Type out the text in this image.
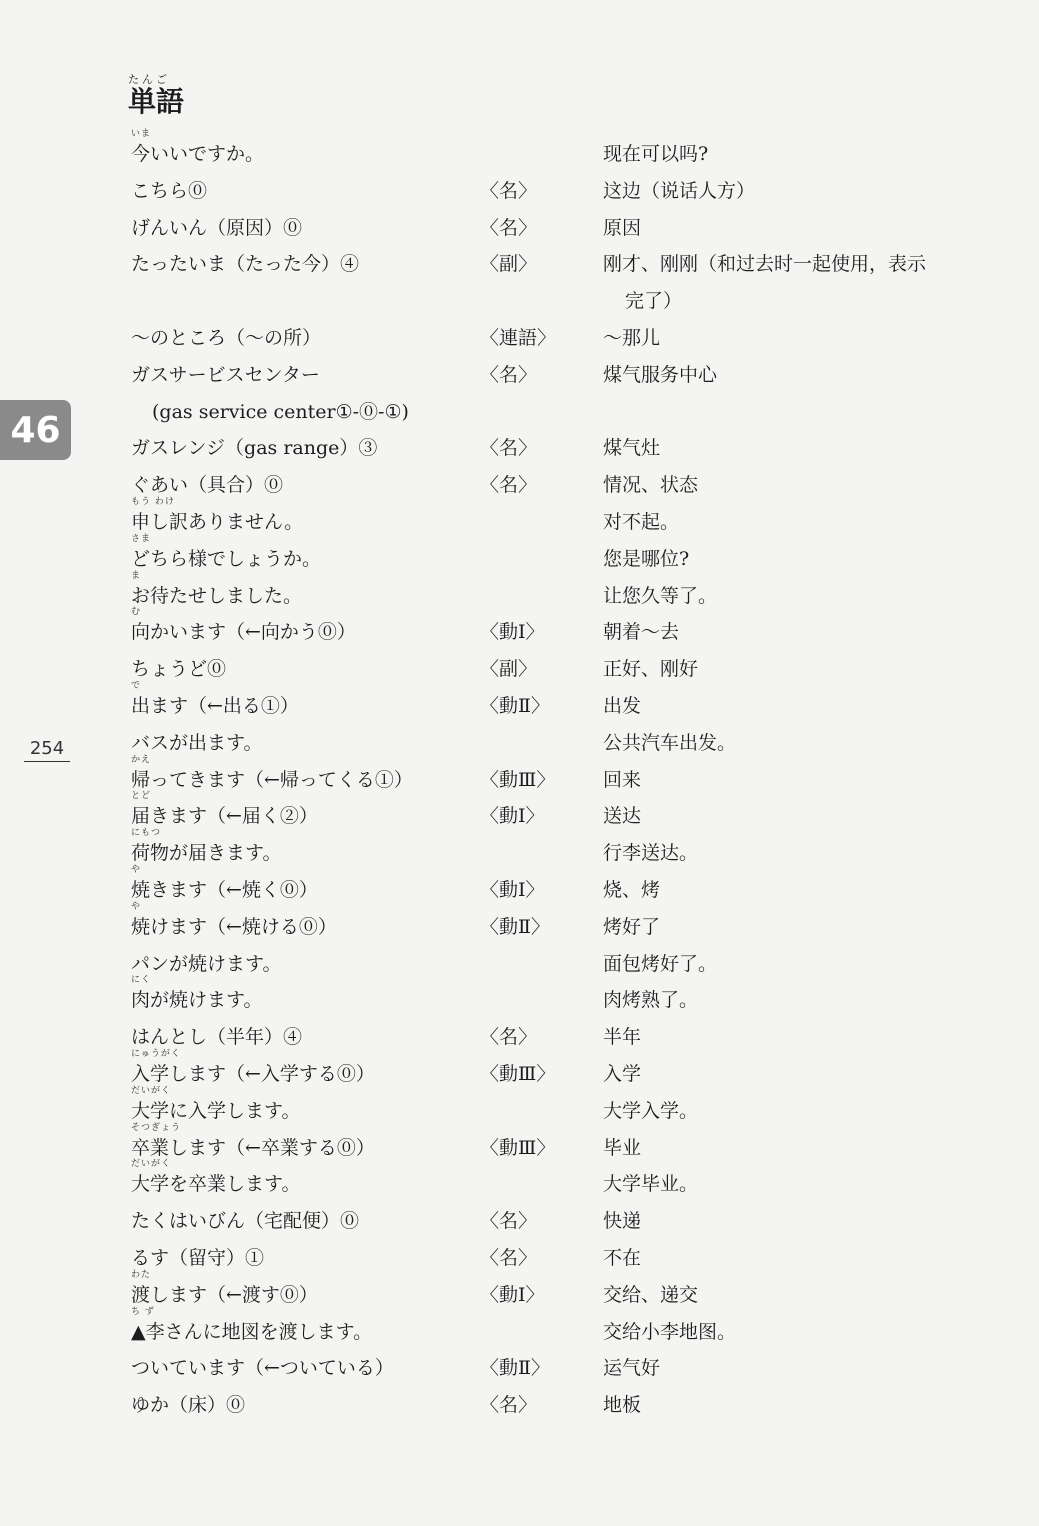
たんご
単語
46
254
いま
今いいですか。	现在可以吗?
こちら⓪	〈名〉	这边（说话人方）
げんいん（原因）⓪	〈名〉	原因
たったいま（たった今）④	〈副〉	刚才、刚刚（和过去时一起使用，表示
完了）
～のところ（～の所）	〈連語〉 ～那儿
ガスサービスセンター	〈名〉	煤气服务中心
(gas service center①-⓪-①)
ガスレンジ（gas range）③	〈名〉	煤气灶
ぐあい（具合）⓪	〈名〉	情况、状态
もう わけ
申し訳ありません。	对不起。
さま
どちら様でしょうか。	您是哪位?
ま
お待たせしました。	让您久等了。
む
向かいます（←向かう⓪）	〈動Ⅰ〉	朝着～去
ちょうど⓪	〈副〉	正好、刚好
で
出ます（←出る①）	〈動Ⅱ〉	出发
バスが出ます。	公共汽车出发。
かえ
帰ってきます（←帰ってくる①）	〈動Ⅲ〉	回来
とど
届きます（←届く②）	〈動Ⅰ〉	送达
にもつ
荷物が届きます。	行李送达。
や
焼きます（←焼く⓪）	〈動Ⅰ〉	烧、烤
や
焼けます（←焼ける⓪）	〈動Ⅱ〉	烤好了
パンが焼けます。	面包烤好了。
にく
肉が焼けます。	肉烤熟了。
はんとし（半年）④	〈名〉	半年
にゅうがく
入学します（←入学する⓪）	〈動Ⅲ〉	入学
だいがく
大学に入学します。	大学入学。
そつぎょう
卒業します（←卒業する⓪）	〈動Ⅲ〉	毕业
だいがく
大学を卒業します。	大学毕业。
たくはいびん（宅配便）⓪	〈名〉	快递
るす（留守）①	〈名〉	不在
わた
渡します（←渡す⓪）	〈動Ⅰ〉	交给、递交
ち ず
▲李さんに地図を渡します。	交给小李地图。
ついています（←ついている）	〈動Ⅱ〉	运气好
ゆか（床）⓪	〈名〉	地板
